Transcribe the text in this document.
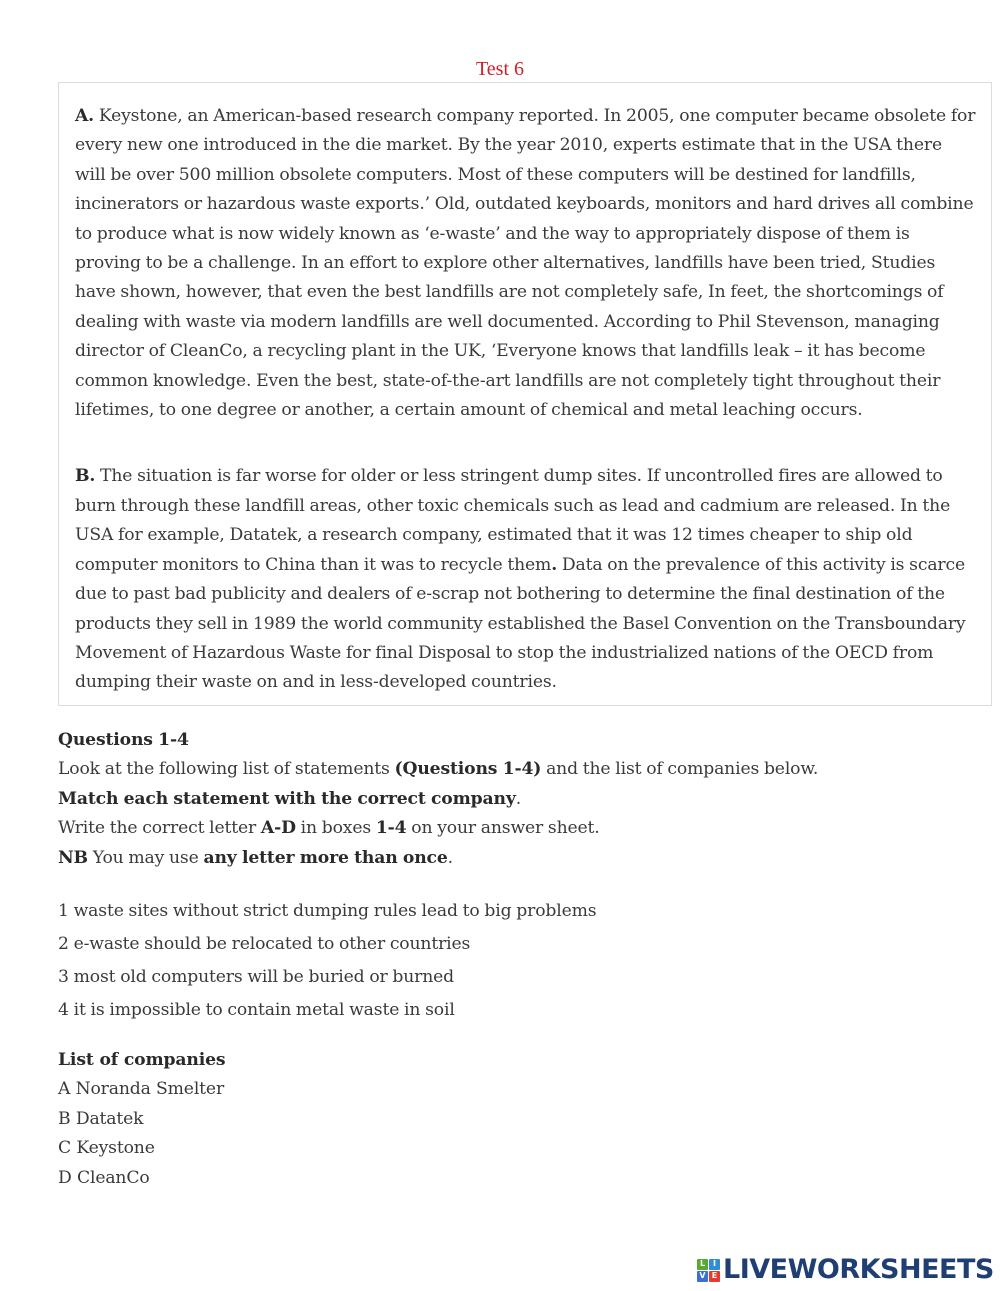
Test 6

A. Keystone, an American-based research company reported. In 2005, one computer became obsolete for every new one introduced in the die market. By the year 2010, experts estimate that in the USA there will be over 500 million obsolete computers. Most of these computers will be destined for landfills, incinerators or hazardous waste exports.’ Old, outdated keyboards, monitors and hard drives all combine to produce what is now widely known as ‘e-waste’ and the way to appropriately dispose of them is proving to be a challenge. In an effort to explore other alternatives, landfills have been tried, Studies have shown, however, that even the best landfills are not completely safe, In feet, the shortcomings of dealing with waste via modern landfills are well documented. According to Phil Stevenson, managing director of CleanCo, a recycling plant in the UK, ‘Everyone knows that landfills leak – it has become common knowledge. Even the best, state-of-the-art landfills are not completely tight throughout their lifetimes, to one degree or another, a certain amount of chemical and metal leaching occurs.

B. The situation is far worse for older or less stringent dump sites. If uncontrolled fires are allowed to burn through these landfill areas, other toxic chemicals such as lead and cadmium are released. In the USA for example, Datatek, a research company, estimated that it was 12 times cheaper to ship old computer monitors to China than it was to recycle them. Data on the prevalence of this activity is scarce due to past bad publicity and dealers of e-scrap not bothering to determine the final destination of the products they sell in 1989 the world community established the Basel Convention on the Transboundary Movement of Hazardous Waste for final Disposal to stop the industrialized nations of the OECD from dumping their waste on and in less-developed countries.

Questions 1-4

Look at the following list of statements (Questions 1-4) and the list of companies below.

Match each statement with the correct company.

Write the correct letter A-D in boxes 1-4 on your answer sheet.

NB You may use any letter more than once.

1 waste sites without strict dumping rules lead to big problems

2 e-waste should be relocated to other countries

3 most old computers will be buried or burned

4 it is impossible to contain metal waste in soil

List of companies

A Noranda Smelter

B Datatek

C Keystone

D CleanCo

L I
V E LIVEWORKSHEETS
